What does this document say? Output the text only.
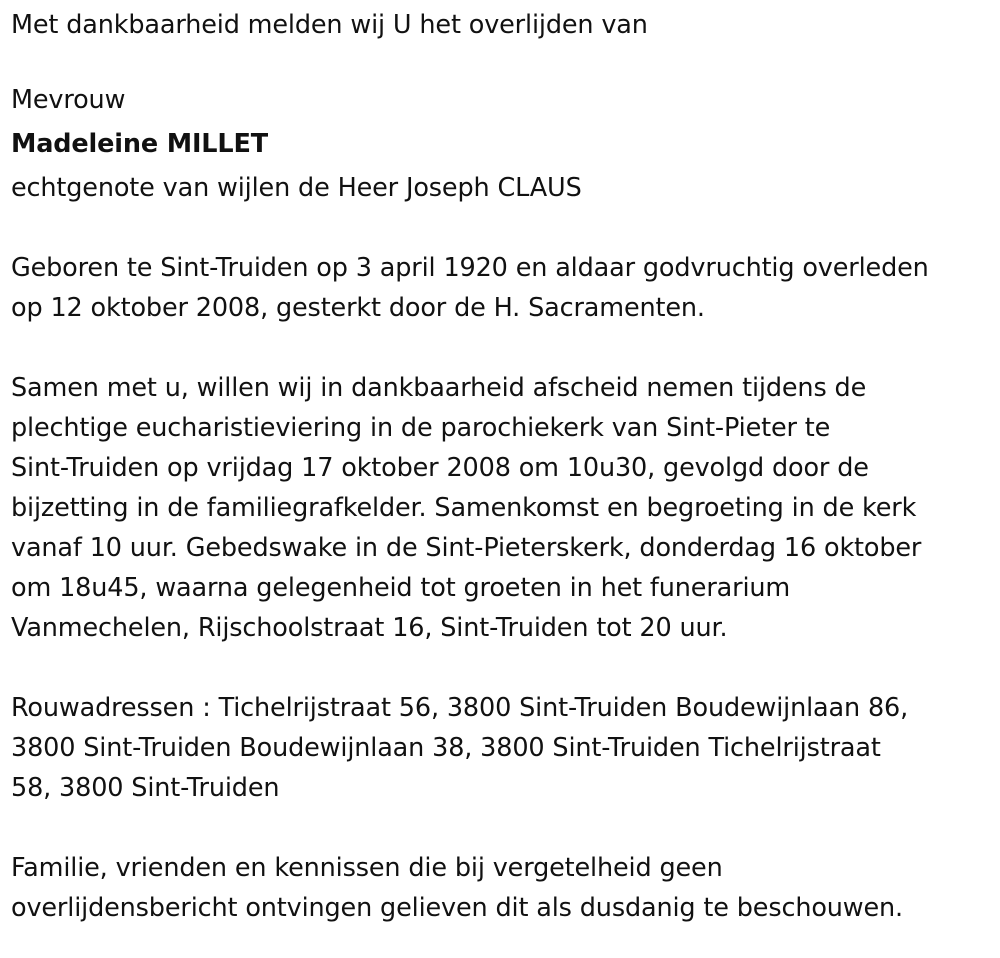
Met dankbaarheid melden wij U het overlijden van
Mevrouw
Madeleine MILLET
echtgenote van wijlen de Heer Joseph CLAUS
Geboren te Sint-Truiden op 3 april 1920 en aldaar godvruchtig overleden
op 12 oktober 2008, gesterkt door de H. Sacramenten.
Samen met u, willen wij in dankbaarheid afscheid nemen tijdens de
plechtige eucharistieviering in de parochiekerk van Sint-Pieter te
Sint-Truiden op vrijdag 17 oktober 2008 om 10u30, gevolgd door de
bijzetting in de familiegrafkelder. Samenkomst en begroeting in de kerk
vanaf 10 uur. Gebedswake in de Sint-Pieterskerk, donderdag 16 oktober
om 18u45, waarna gelegenheid tot groeten in het funerarium
Vanmechelen, Rijschoolstraat 16, Sint-Truiden tot 20 uur.
Rouwadressen : Tichelrijstraat 56, 3800 Sint-Truiden Boudewijnlaan 86,
3800 Sint-Truiden Boudewijnlaan 38, 3800 Sint-Truiden Tichelrijstraat
58, 3800 Sint-Truiden
Familie, vrienden en kennissen die bij vergetelheid geen
overlijdensbericht ontvingen gelieven dit als dusdanig te beschouwen.
